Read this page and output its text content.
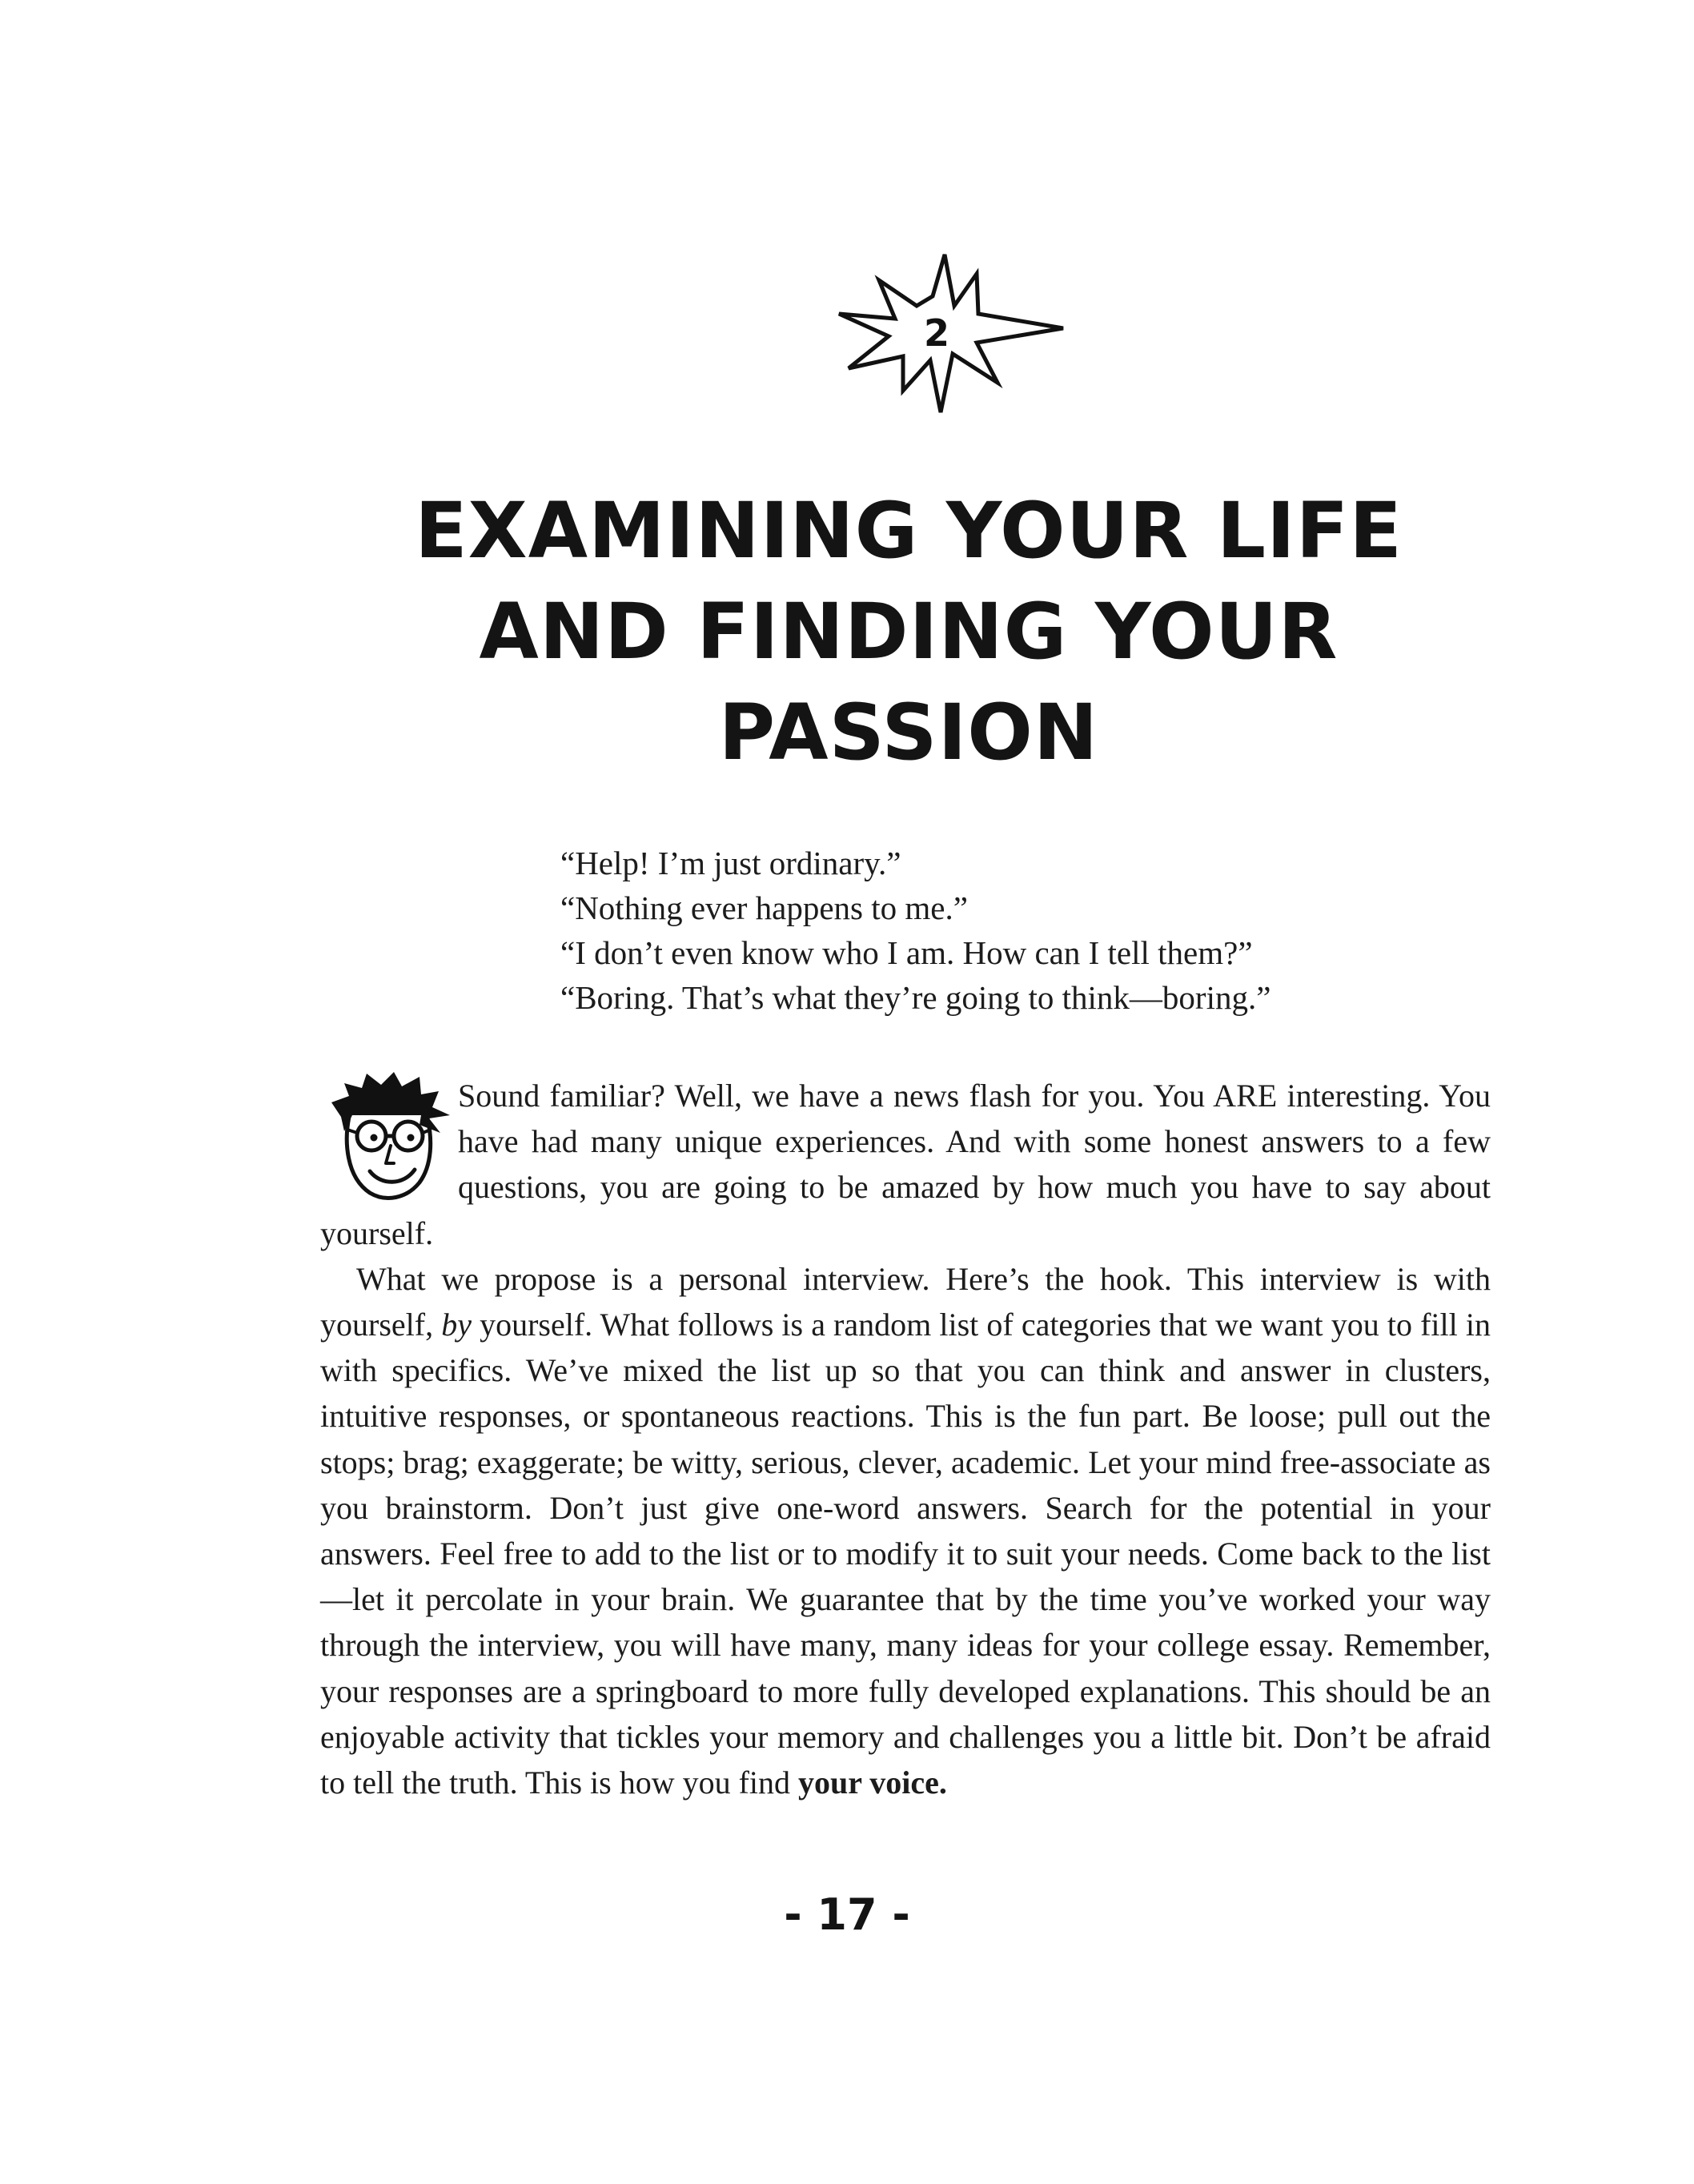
2
EXAMINING YOUR LIFE
AND FINDING YOUR PASSION
“Help! I’m just ordinary.”
“Nothing ever happens to me.”
“I don’t even know who I am. How can I tell them?”
“Boring. That’s what they’re going to think—boring.”

Sound familiar? Well, we have a news flash for you. You ARE interesting. You have had many unique experiences. And with some honest answers to a few questions, you are going to be amazed by how much you have to say about yourself.

What we propose is a personal interview. Here’s the hook. This interview is with yourself, by yourself. What follows is a random list of categories that we want you to fill in with specifics. We’ve mixed the list up so that you can think and answer in clusters, intuitive responses, or spontaneous reactions. This is the fun part. Be loose; pull out the stops; brag; exaggerate; be witty, serious, clever, academic. Let your mind free-associate as you brainstorm. Don’t just give one-word answers. Search for the potential in your answers. Feel free to add to the list or to modify it to suit your needs. Come back to the list—let it percolate in your brain. We guarantee that by the time you’ve worked your way through the interview, you will have many, many ideas for your college essay. Remember, your responses are a springboard to more fully developed explanations. This should be an enjoyable activity that tickles your memory and challenges you a little bit. Don’t be afraid to tell the truth. This is how you find your voice.

- 17 -
